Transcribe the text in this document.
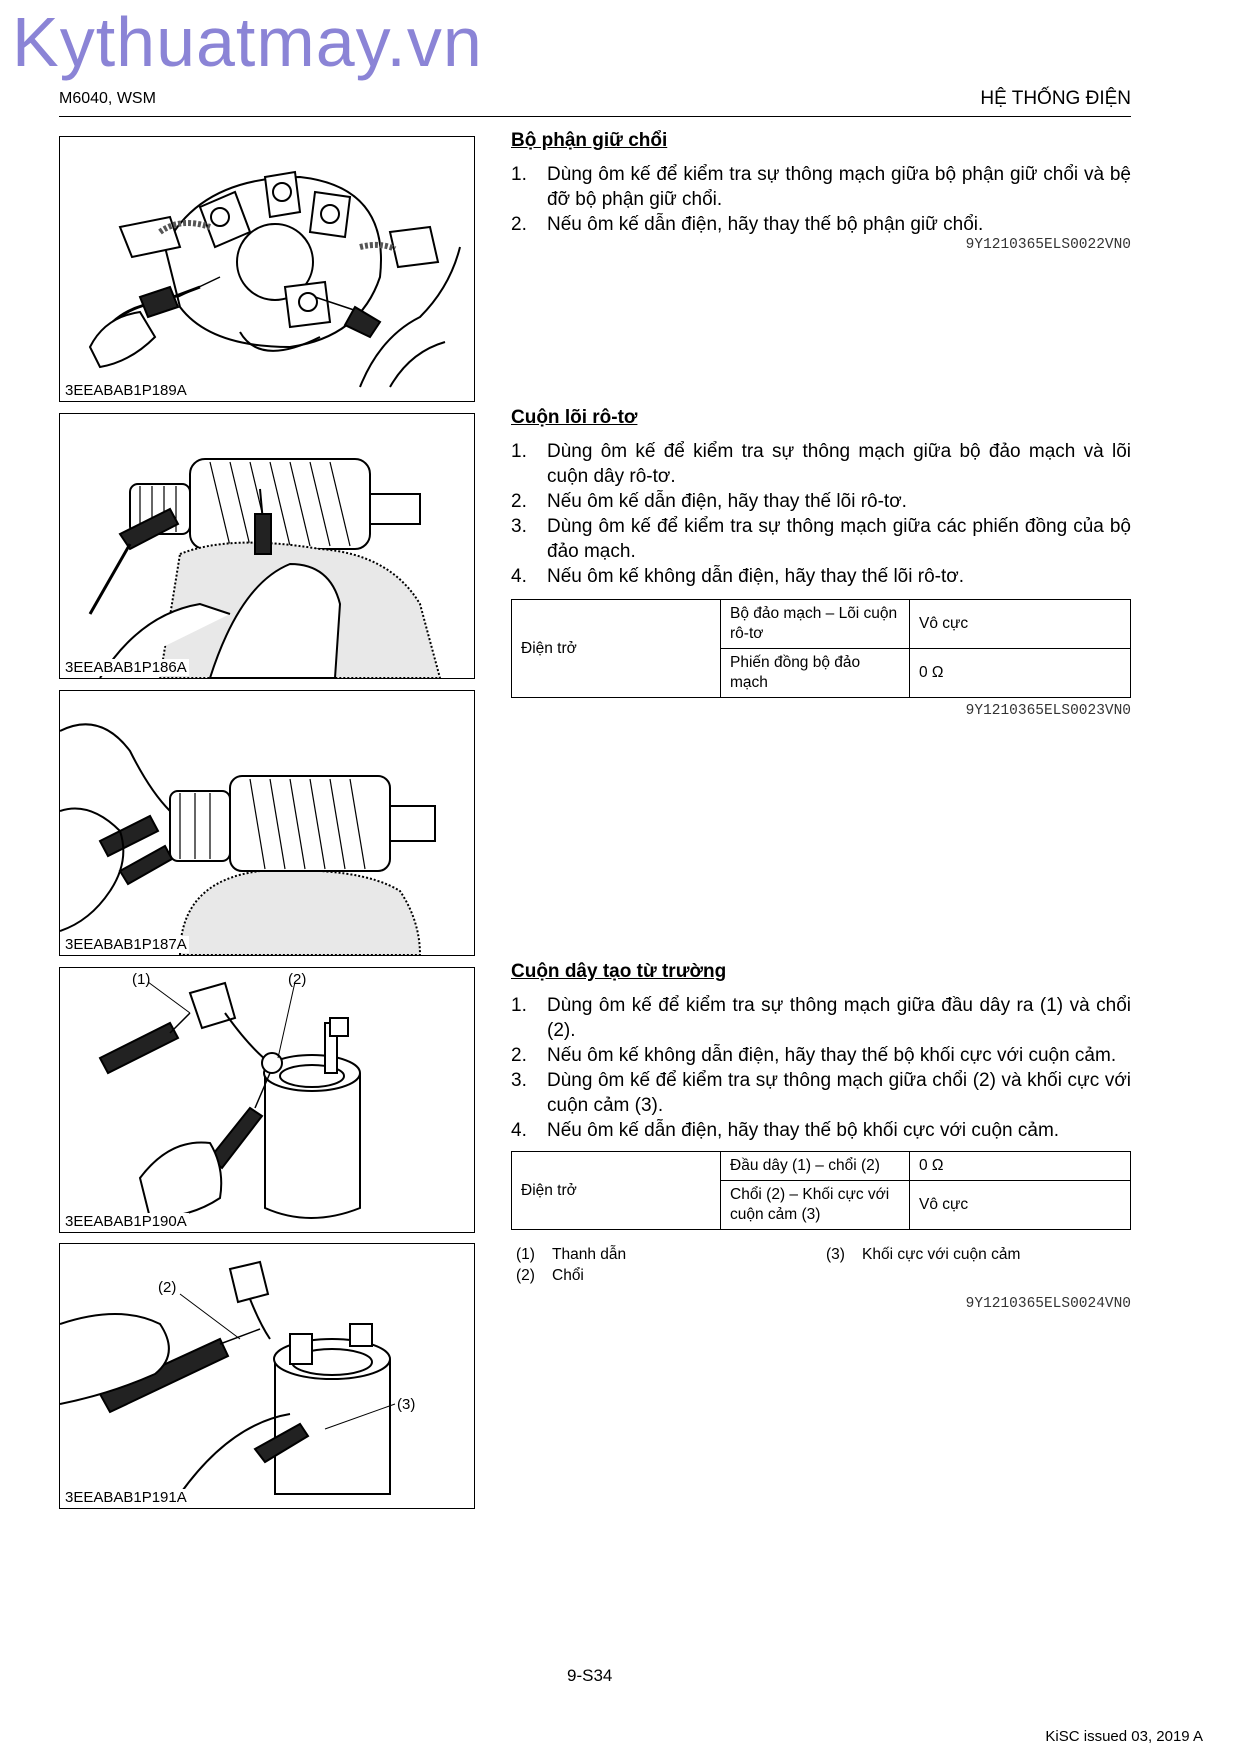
Kythuatmay.vn
M6040, WSM	HỆ THỐNG ĐIỆN
3EEABAB1P189A
3EEABAB1P186A
3EEABAB1P187A
(1)	(2)
3EEABAB1P190A
(2)
(3)
3EEABAB1P191A
Bộ phận giữ chổi
1. Dùng ôm kế để kiểm tra sự thông mạch giữa bộ phận giữ chổi và bệ đỡ bộ phận giữ chổi.
2. Nếu ôm kế dẫn điện, hãy thay thế bộ phận giữ chổi.
9Y1210365ELS0022VN0
Cuộn lõi rô-tơ
1. Dùng ôm kế để kiểm tra sự thông mạch giữa bộ đảo mạch và lõi cuộn dây rô-tơ.
2. Nếu ôm kế dẫn điện, hãy thay thế lõi rô-tơ.
3. Dùng ôm kế để kiểm tra sự thông mạch giữa các phiến đồng của bộ đảo mạch.
4. Nếu ôm kế không dẫn điện, hãy thay thế lõi rô-tơ.
Điện trở	Bộ đảo mạch – Lõi cuộn rô-tơ	Vô cực
	Phiến đồng bộ đảo mạch	0 Ω
9Y1210365ELS0023VN0
Cuộn dây tạo từ trường
1. Dùng ôm kế để kiểm tra sự thông mạch giữa đầu dây ra (1) và chổi (2).
2. Nếu ôm kế không dẫn điện, hãy thay thế bộ khối cực với cuộn cảm.
3. Dùng ôm kế để kiểm tra sự thông mạch giữa chổi (2) và khối cực với cuộn cảm (3).
4. Nếu ôm kế dẫn điện, hãy thay thế bộ khối cực với cuộn cảm.
Điện trở	Đầu dây (1) – chổi (2)	0 Ω
	Chổi (2) – Khối cực với cuộn cảm (3)	Vô cực
(1) Thanh dẫn
(2) Chổi
(3) Khối cực với cuộn cảm
9Y1210365ELS0024VN0
9-S34
KiSC issued 03, 2019 A
